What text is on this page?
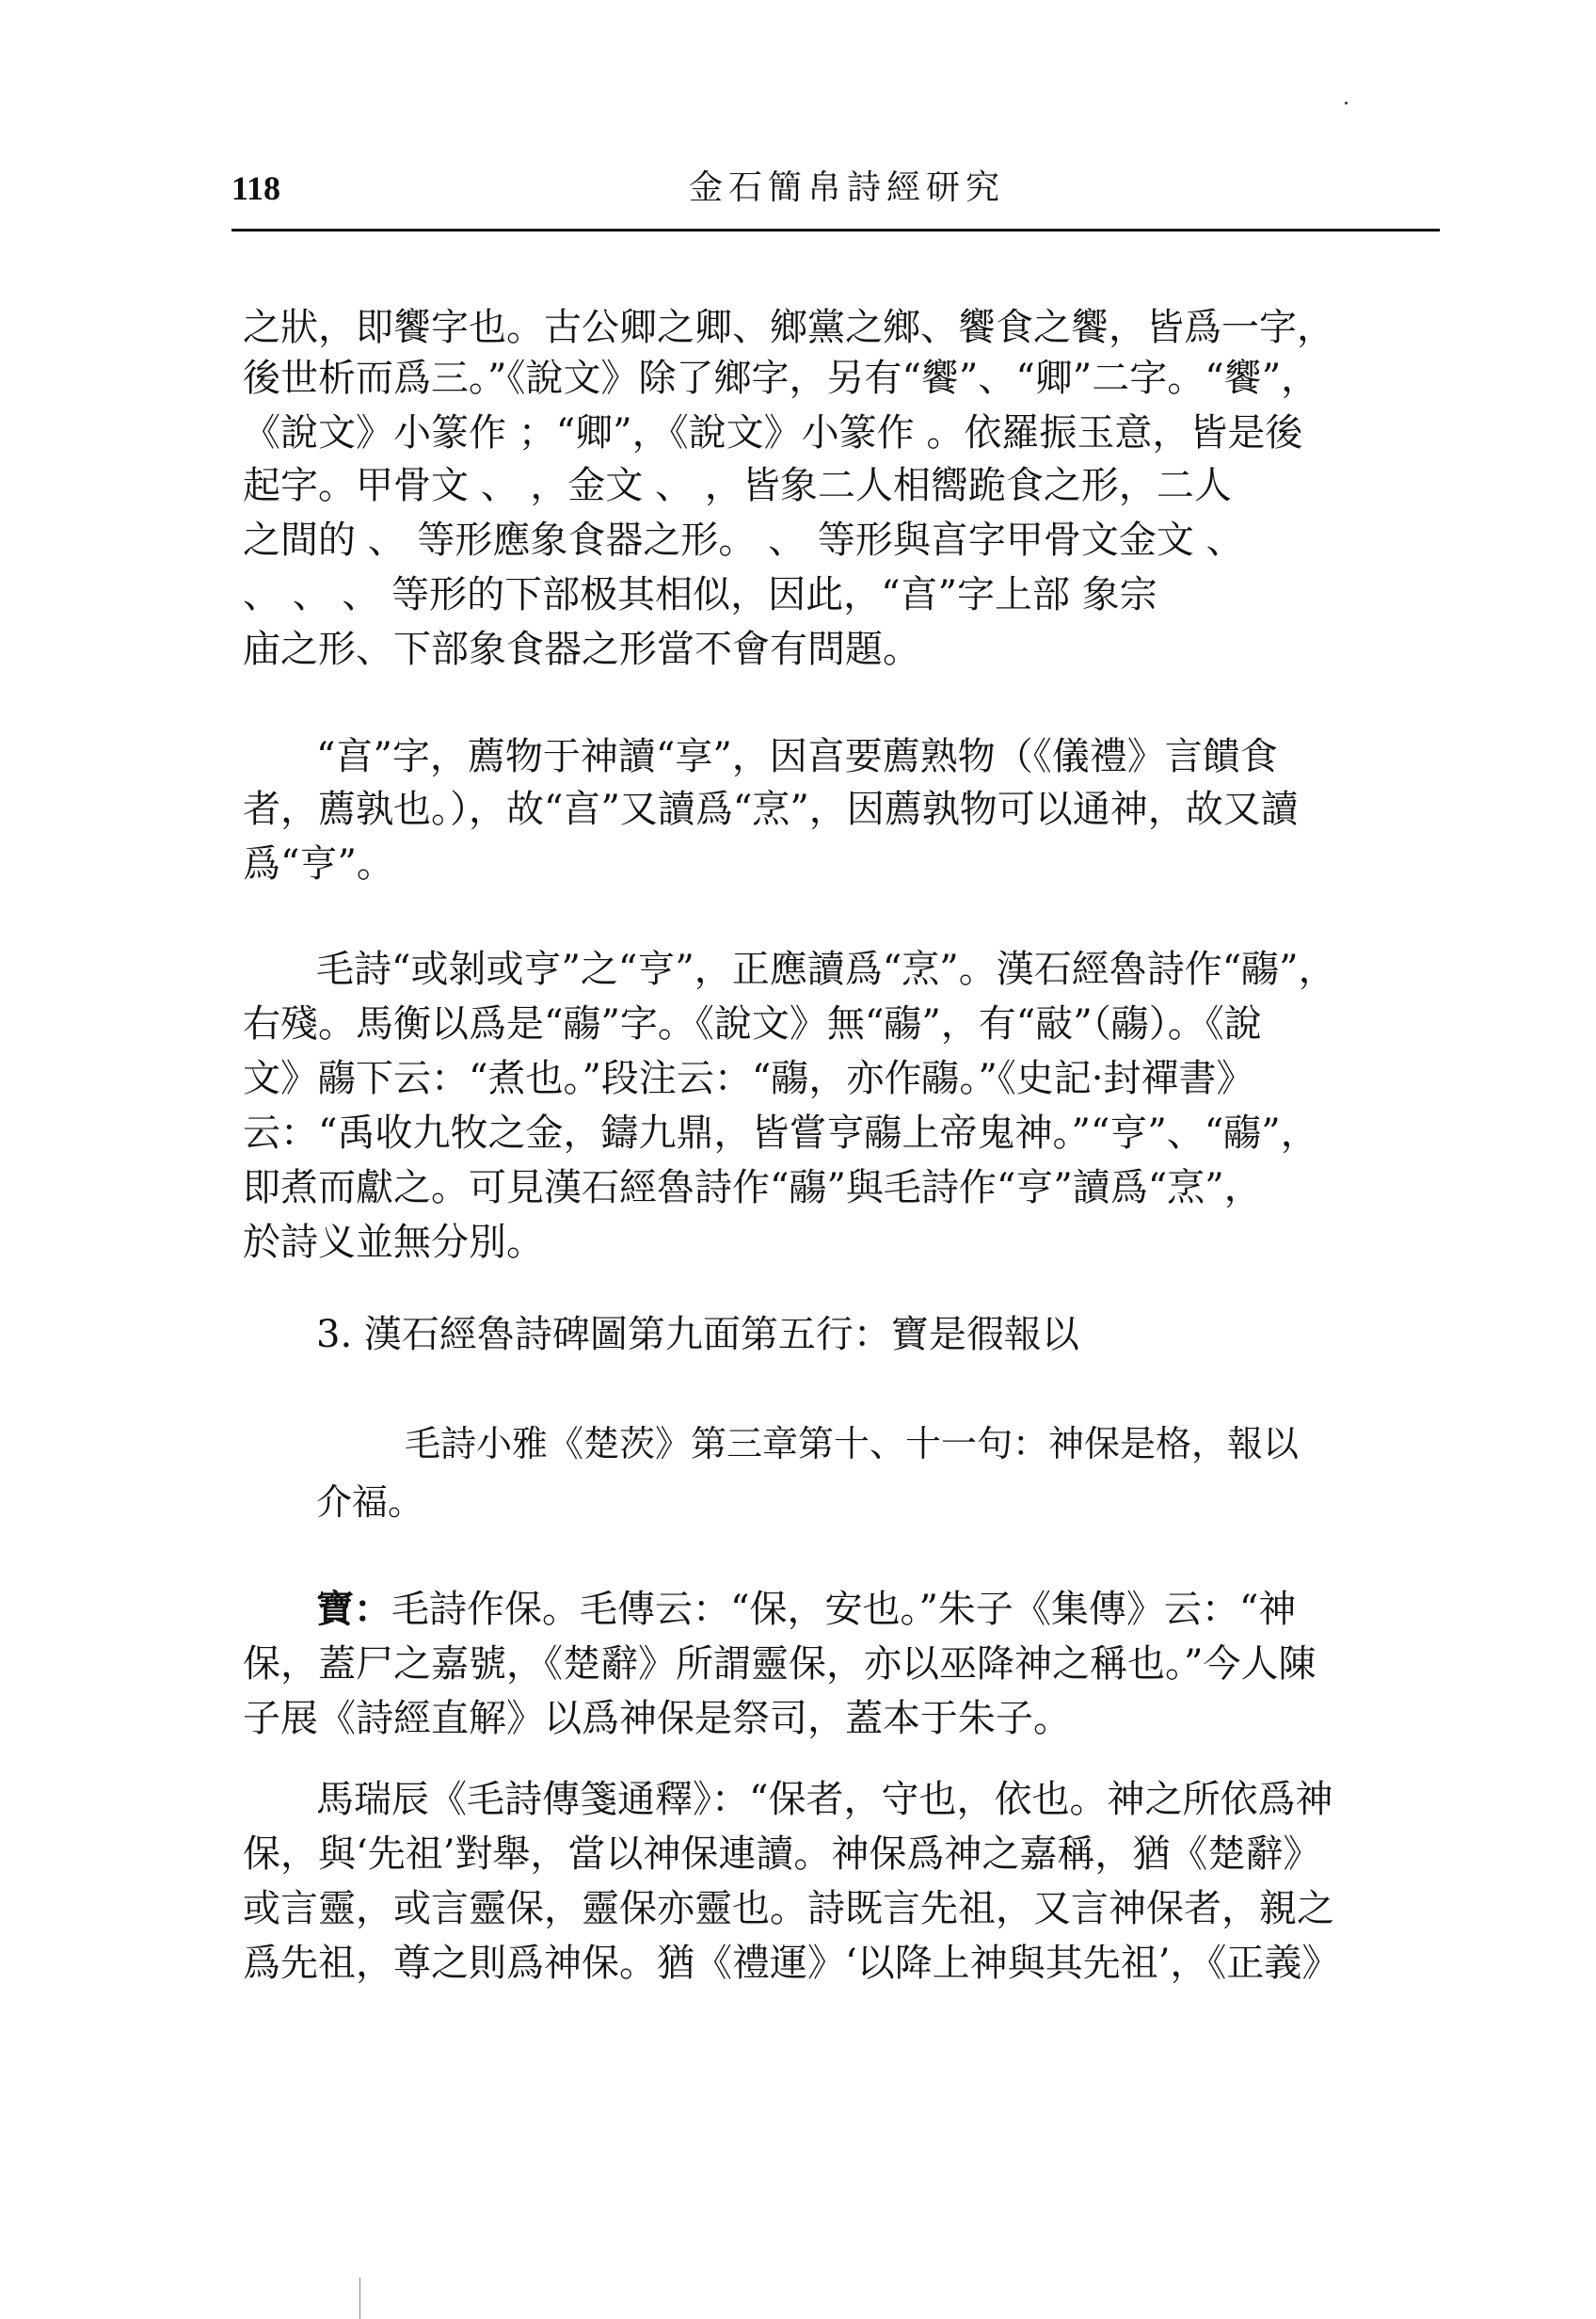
118	金石簡帛詩經研究
之狀，即饗字也。古公卿之卿、鄉黨之鄉、饗食之饗，皆爲一字，
後世析而爲三。”《說文》除了鄉字，另有“饗”、“卿”二字。“饗”，
《說文》小篆作 ；“卿”，《說文》小篆作 。依羅振玉意，皆是後
起字。甲骨文 、 ，金文 、 ，皆象二人相嚮跪食之形，二人
之間的 、 等形應象食器之形。 、 等形與亯字甲骨文金文 、
、 、 、 等形的下部极其相似，因此，“亯”字上部 象宗
庙之形、下部象食器之形當不會有問題。
“亯”字，薦物于神讀“享”，因亯要薦熟物（《儀禮》言饋食
者，薦孰也。），故“亯”又讀爲“烹”，因薦孰物可以通神，故又讀
爲“亨”。
毛詩“或剝或亨”之“亨”，正應讀爲“烹”。漢石經魯詩作“鬺”，
右殘。馬衡以爲是“鬺”字。《說文》無“鬺”，有“䰙”（鬺）。《說
文》鬺下云：“煮也。”段注云：“鬺，亦作鬺。”《史記·封禪書》
云：“禹收九牧之金，鑄九鼎，皆嘗亨鬺上帝鬼神。”“亨”、“鬺”，
即煮而獻之。可見漢石經魯詩作“鬺”與毛詩作“亨”讀爲“烹”，
於詩义並無分別。
3. 漢石經魯詩碑圖第九面第五行：寶是徦報以
毛詩小雅《楚茨》第三章第十、十一句：神保是格，報以
介福。
寶：毛詩作保。毛傳云：“保，安也。”朱子《集傳》云：“神
保，蓋尸之嘉號，《楚辭》所謂靈保，亦以巫降神之稱也。”今人陳
子展《詩經直解》以爲神保是祭司，蓋本于朱子。
馬瑞辰《毛詩傳箋通釋》：“保者，守也，依也。神之所依爲神
保，與‘先祖’對舉，當以神保連讀。神保爲神之嘉稱，猶《楚辭》
或言靈，或言靈保，靈保亦靈也。詩既言先祖，又言神保者，親之
爲先祖，尊之則爲神保。猶《禮運》‘以降上神與其先祖’，《正義》
